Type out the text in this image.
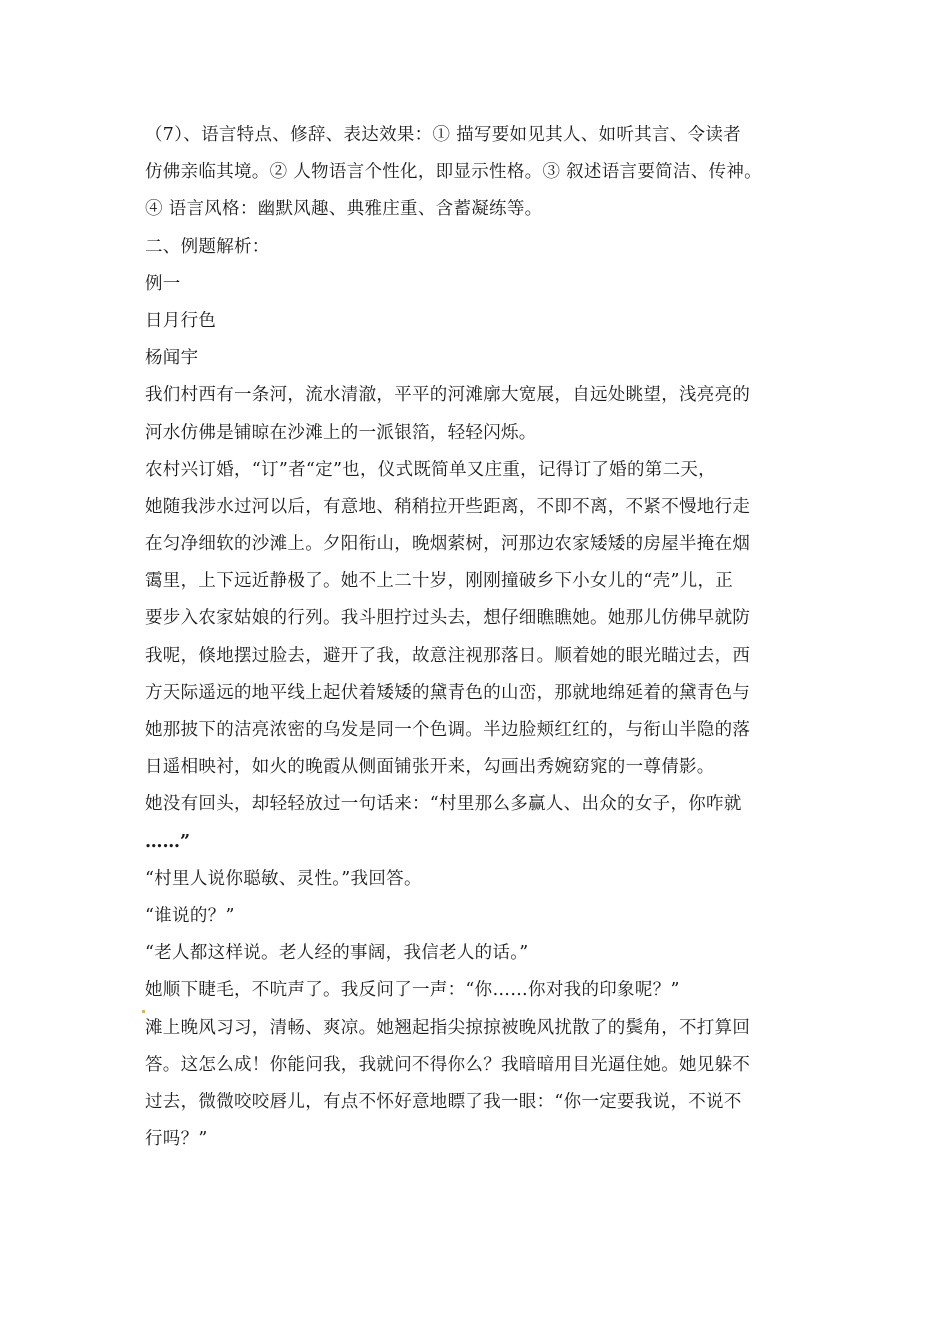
（7）、语言特点、修辞、表达效果：① 描写要如见其人、如听其言、令读者
仿佛亲临其境。② 人物语言个性化，即显示性格。③ 叙述语言要简洁、传神。
④ 语言风格：幽默风趣、典雅庄重、含蓄凝练等。
二、例题解析：
例一
日月行色
杨闻宇
我们村西有一条河，流水清澈，平平的河滩廓大宽展，自远处眺望，浅亮亮的
河水仿佛是铺晾在沙滩上的一派银箔，轻轻闪烁。
农村兴订婚，“订”者“定”也，仪式既简单又庄重，记得订了婚的第二天，
她随我涉水过河以后，有意地、稍稍拉开些距离，不即不离，不紧不慢地行走
在匀净细软的沙滩上。夕阳衔山，晚烟萦树，河那边农家矮矮的房屋半掩在烟
霭里，上下远近静极了。她不上二十岁，刚刚撞破乡下小女儿的“壳”儿，正
要步入农家姑娘的行列。我斗胆拧过头去，想仔细瞧瞧她。她那儿仿佛早就防
我呢，倏地摆过脸去，避开了我，故意注视那落日。顺着她的眼光瞄过去，西
方天际遥远的地平线上起伏着矮矮的黛青色的山峦，那就地绵延着的黛青色与
她那披下的洁亮浓密的乌发是同一个色调。半边脸颊红红的，与衔山半隐的落
日遥相映衬，如火的晚霞从侧面铺张开来，勾画出秀婉窈窕的一尊倩影。
她没有回头，却轻轻放过一句话来：“村里那么多赢人、出众的女子，你咋就
……”
“村里人说你聪敏、灵性。”我回答。
“谁说的？”
“老人都这样说。老人经的事阔，我信老人的话。”
她顺下睫毛，不吭声了。我反问了一声：“你……你对我的印象呢？”
滩上晚风习习，清畅、爽凉。她翘起指尖掠掠被晚风扰散了的鬓角，不打算回
答。这怎么成！你能问我，我就问不得你么？我暗暗用目光逼住她。她见躲不
过去，微微咬咬唇儿，有点不怀好意地瞟了我一眼：“你一定要我说，不说不
行吗？”
